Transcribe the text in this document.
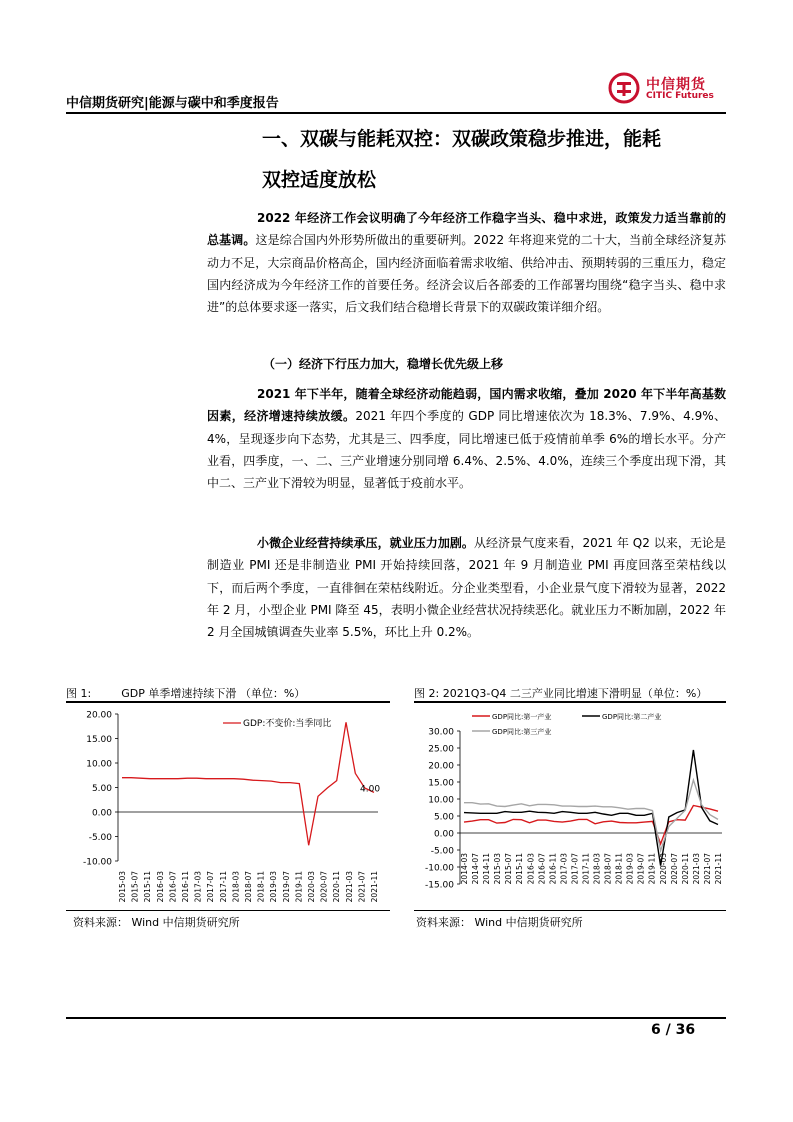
中信期货研究|能源与碳中和季度报告
中信期货
CITIC Futures
一、双碳与能耗双控：双碳政策稳步推进，能耗
双控适度放松
2022 年经济工作会议明确了今年经济工作稳字当头、稳中求进，政策发力适当靠前的总基调。这是综合国内外形势所做出的重要研判。2022 年将迎来党的二十大，当前全球经济复苏动力不足，大宗商品价格高企，国内经济面临着需求收缩、供给冲击、预期转弱的三重压力，稳定国内经济成为今年经济工作的首要任务。经济会议后各部委的工作部署均围绕“稳字当头、稳中求进”的总体要求逐一落实，后文我们结合稳增长背景下的双碳政策详细介绍。
（一）经济下行压力加大，稳增长优先级上移
2021 年下半年，随着全球经济动能趋弱，国内需求收缩，叠加 2020 年下半年高基数因素，经济增速持续放缓。2021 年四个季度的 GDP 同比增速依次为 18.3%、7.9%、4.9%、4%，呈现逐步向下态势，尤其是三、四季度，同比增速已低于疫情前单季 6%的增长水平。分产业看，四季度，一、二、三产业增速分别同增 6.4%、2.5%、4.0%，连续三个季度出现下滑，其中二、三产业下滑较为明显，显著低于疫前水平。
小微企业经营持续承压，就业压力加剧。从经济景气度来看，2021 年 Q2 以来，无论是制造业 PMI 还是非制造业 PMI 开始持续回落，2021 年 9 月制造业 PMI 再度回落至荣枯线以下，而后两个季度，一直徘徊在荣枯线附近。分企业类型看，小企业景气度下滑较为显著，2022 年 2 月，小型企业 PMI 降至 45，表明小微企业经营状况持续恶化。就业压力不断加剧，2022 年 2 月全国城镇调查失业率 5.5%，环比上升 0.2%。
图 1:	GDP 单季增速持续下滑 （单位：%）
20.00
15.00
10.00
5.00
0.00
-5.00
-10.00
2015-03 2015-07 2015-11 2016-03 2016-07 2016-11 2017-03 2017-07 2017-11 2018-03 2018-07 2018-11 2019-03 2019-07 2019-11 2020-03 2020-07 2020-11 2021-03 2021-07 2021-11
GDP:不变价:当季同比
4.00
资料来源： Wind 中信期货研究所
图 2: 2021Q3-Q4 二三产业同比增速下滑明显（单位：%）
30.00
25.00
20.00
15.00
10.00
5.00
0.00
-5.00
-10.00
-15.00
2014-03 2014-07 2014-11 2015-03 2015-07 2015-11 2016-03 2016-07 2016-11 2017-03 2017-07 2017-11 2018-03 2018-07 2018-11 2019-03 2019-07 2019-11 2020-03 2020-07 2020-11 2021-03 2021-07 2021-11
GDP同比:第一产业	GDP同比:第二产业
GDP同比:第三产业
资料来源： Wind 中信期货研究所
6 / 36
